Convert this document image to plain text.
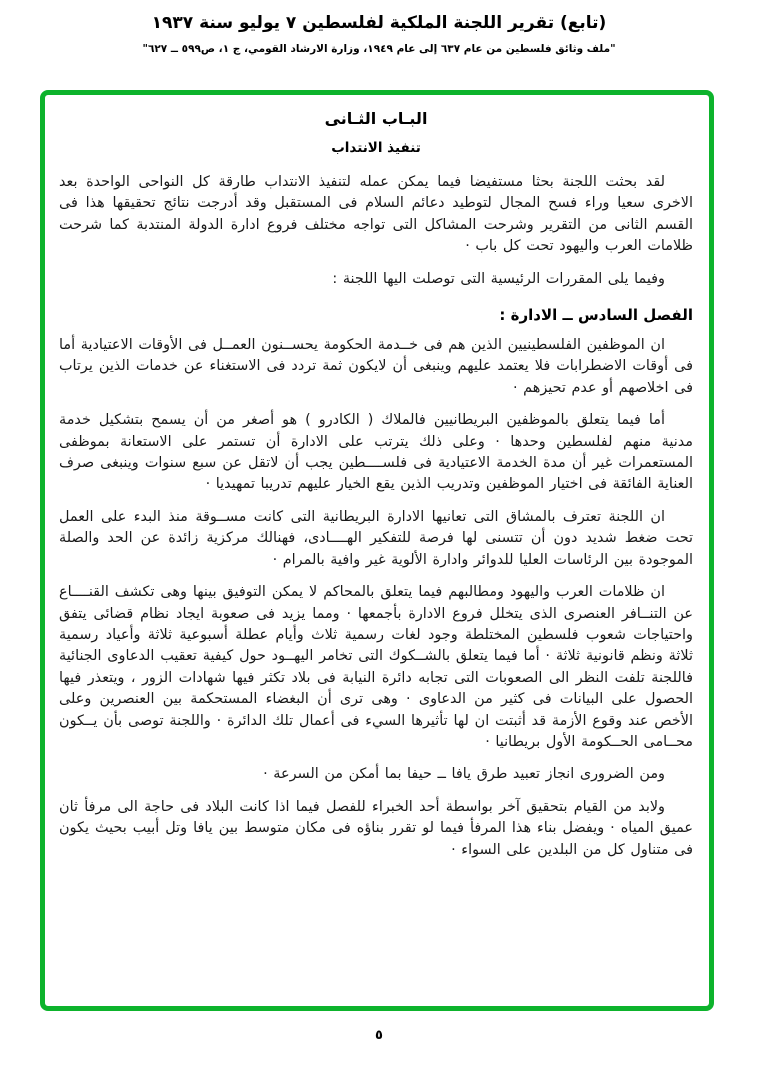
(تابع) تقرير اللجنة الملكية لفلسطين ٧ يوليو سنة ١٩٣٧
"ملف وثائق فلسطين من عام ٦٣٧ إلى عام ١٩٤٩، وزارة الارشاد القومي، ج ١، ص٥٩٩ ــ ٦٢٧"
البـاب الثـانى
تنفيذ الانتداب

لقد بحثت اللجنة بحثا مستفيضا فيما يمكن عمله لتنفيذ الانتداب طارقة كل النواحى الواحدة بعد الاخرى سعيا وراء فسح المجال لتوطيد دعائم السلام فى المستقبل وقد أدرجت نتائج تحقيقها هذا فى القسم الثانى من التقرير وشرحت المشاكل التى تواجه مختلف فروع ادارة الدولة المنتدبة كما شرحت ظلامات العرب واليهود تحت كل باب ·

وفيما يلى المقررات الرئيسية التى توصلت اليها اللجنة :

الفصل السادس ــ الادارة :

ان الموظفين الفلسطينيين الذين هم فى خــدمة الحكومة يحســنون العمــل فى الأوقات الاعتيادية أما فى أوقات الاضطرابات فلا يعتمد عليهم وينبغى أن لايكون ثمة تردد فى الاستغناء عن خدمات الذين يرتاب فى اخلاصهم أو عدم تحيزهم ·

أما فيما يتعلق بالموظفين البريطانيين فالملاك ( الكادرو ) هو أصغر من أن يسمح بتشكيل خدمة مدنية منهم لفلسطين وحدها · وعلى ذلك يترتب على الادارة أن تستمر على الاستعانة بموظفى المستعمرات غير أن مدة الخدمة الاعتيادية فى فلســــطين يجب أن لاتقل عن سبع سنوات وينبغى صرف العناية الفائقة فى اختيار الموظفين وتدريب الذين يقع الخيار عليهم تدريبا تمهيديا ·

ان اللجنة تعترف بالمشاق التى تعانيها الادارة البريطانية التى كانت مســوقة منذ البدء على العمل تحت ضغط شديد دون أن تتسنى لها فرصة للتفكير الهــــادى، فهنالك مركزية زائدة عن الحد والصلة الموجودة بين الرئاسات العليا للدوائر وادارة الألوية غير وافية بالمرام ·

ان ظلامات العرب واليهود ومطالبهم فيما يتعلق بالمحاكم لا يمكن التوفيق بينها وهى تكشف القنــــاع عن التنــافر العنصرى الذى يتخلل فروع الادارة بأجمعها · ومما يزيد فى صعوبة ايجاد نظام قضائى يتفق واحتياجات شعوب فلسطين المختلطة وجود لغات رسمية ثلاث وأيام عطلة أسبوعية ثلاثة وأعياد رسمية ثلاثة ونظم قانونية ثلاثة · أما فيما يتعلق بالشــكوك التى تخامر اليهــود حول كيفية تعقيب الدعاوى الجنائية فاللجنة تلفت النظر الى الصعوبات التى تجابه دائرة النيابة فى بلاد تكثر فيها شهادات الزور ، ويتعذر فيها الحصول على البيانات فى كثير من الدعاوى · وهى ترى أن البغضاء المستحكمة بين العنصرين وعلى الأخص عند وقوع الأزمة قد أثبتت ان لها تأثيرها السيء فى أعمال تلك الدائرة · واللجنة توصى بأن يــكون محــامى الحــكومة الأول بريطانيا ·

ومن الضرورى انجاز تعبيد طرق يافا ــ حيفا بما أمكن من السرعة ·

ولابد من القيام بتحقيق آخر بواسطة أحد الخبراء للفصل فيما اذا كانت البلاد فى حاجة الى مرفأ ثان عميق المياه · ويفضل بناء هذا المرفأ فيما لو تقرر بناؤه فى مكان متوسط بين يافا وتل أبيب بحيث يكون فى متناول كل من البلدين على السواء ·

٥
